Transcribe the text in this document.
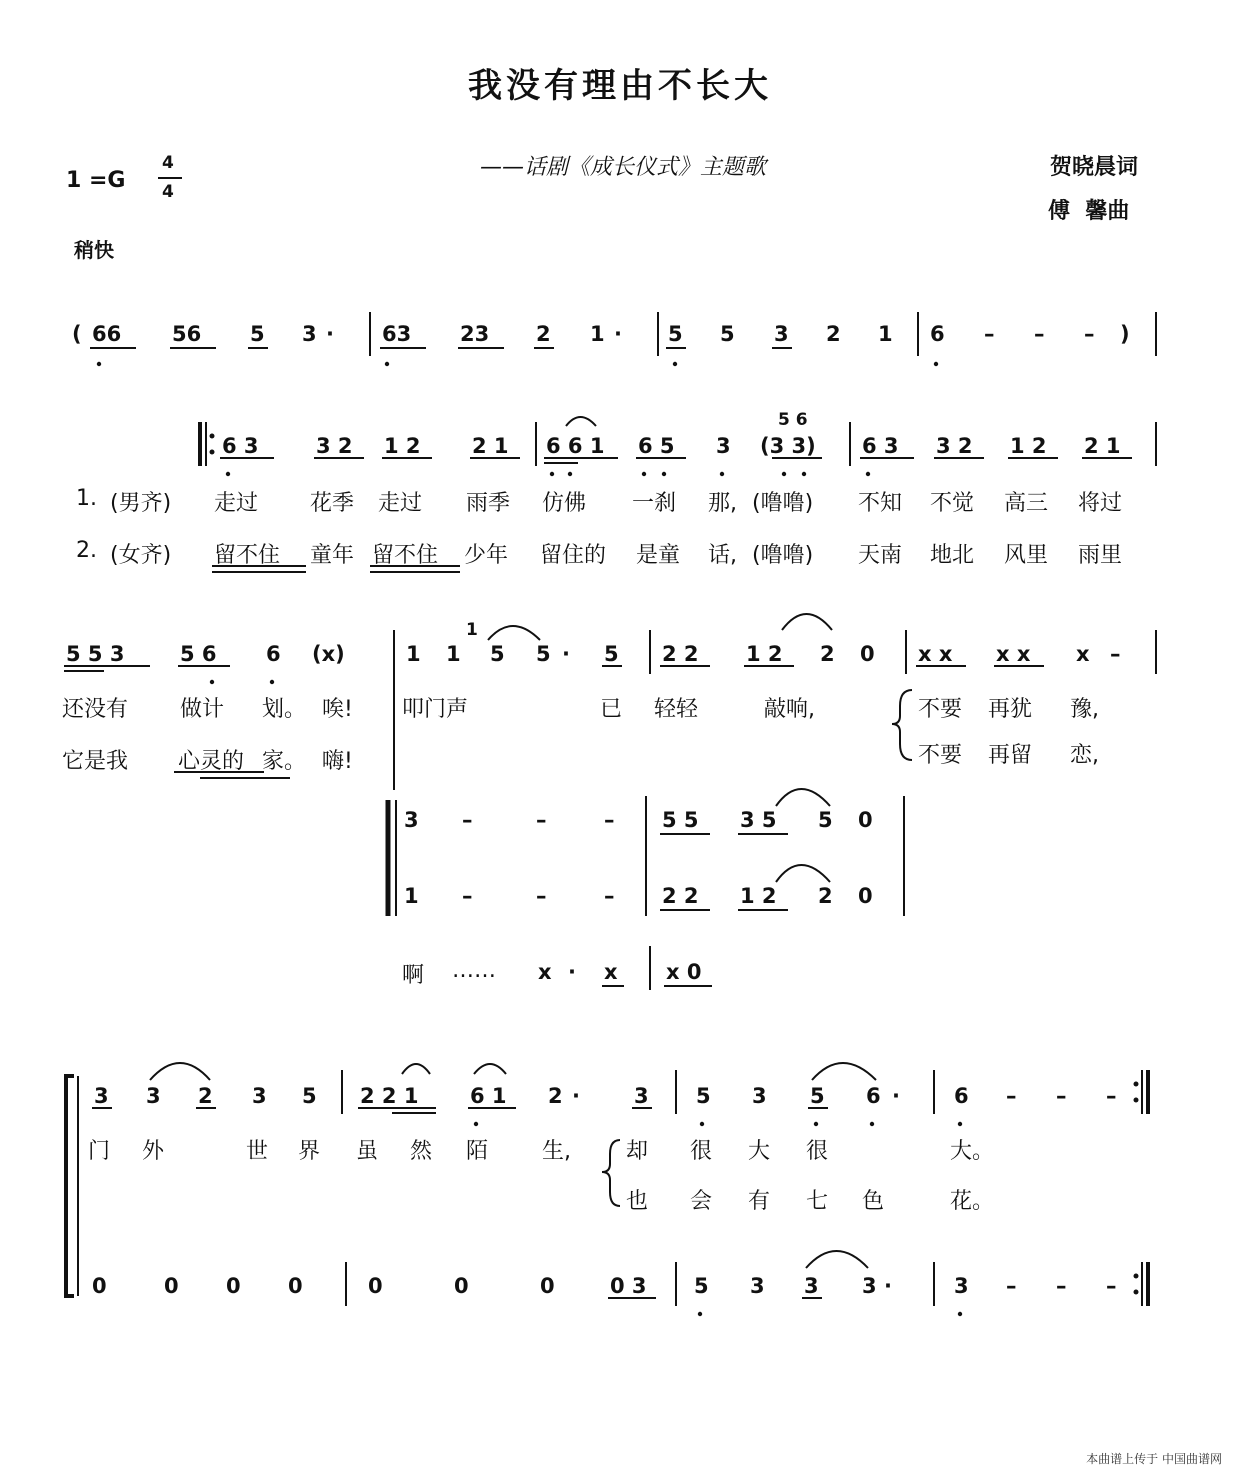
我没有理由不长大
——话剧《成长仪式》主题歌	贺晓晨词
傅  馨曲
1 =G
4
4
稍快
( 66 56 5 3 · 63 23 2 1 · 5 5 3 2 1 6 – – – )
6 3	3 2 1 2 2 1 6 6 1 6 5 3 (3 3)
5 6
6 3 3 2 1 2 2 1
1. (男齐) 走过 花季 走过 雨季 仿佛 一刹 那, (噜噜) 不知 不觉 高三 将过
2. (女齐) 留不住 童年 留不住 少年 留住的 是童 话, (噜噜) 天南 地北 风里 雨里
5 5 3	5 6 6 (x)	1 1
1
5 5 · 5 2 2 1 2 2 0 x x x x x –
还没有 做计 划。 唉! 叩门声	已 轻轻	敲响,	不要 再犹 豫,
它是我 心灵的 家。 嗨!	不要 再留 恋,
3 –	–	– 5 5 3 5 5 0
1 –	–	– 2 2 1 2 2 0
啊 …… x · x x 0
3 3 2 3 5 2 2 1 6 1 2 ·	3 5 3 5 6 ·	6 – – –
门 外	世 界 虽 然 陌 生,	却 很 大 很	大。
也 会 有 七 色	花。
0	0 0 0	0	0	0	0 3 5 3 3 3 ·	3 – – –
本曲谱上传于 中国曲谱网
